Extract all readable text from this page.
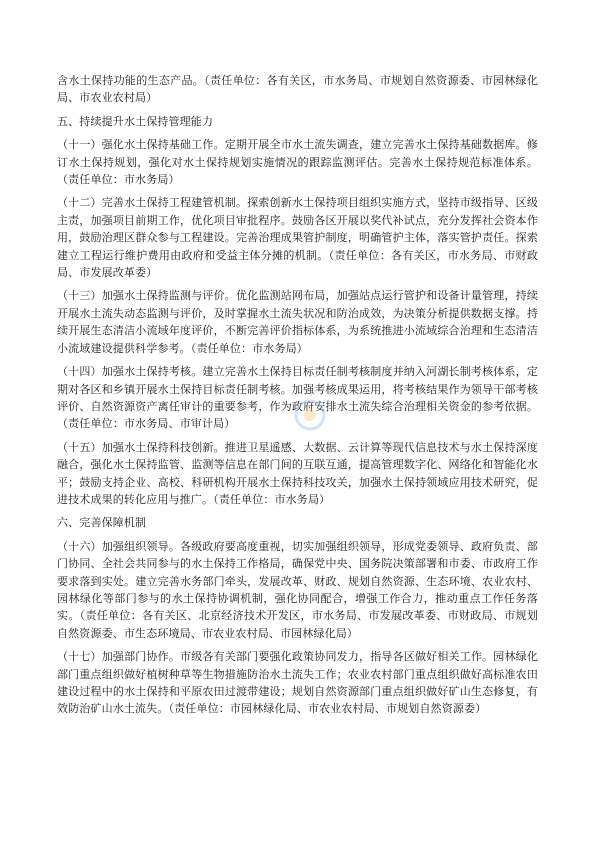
含水土保持功能的生态产品。（责任单位：各有关区，市水务局、市规划自然资源委、市园林绿化局、市农业农村局）

五、持续提升水土保持管理能力

（十一）强化水土保持基础工作。定期开展全市水土流失调查，建立完善水土保持基础数据库。修订水土保持规划，强化对水土保持规划实施情况的跟踪监测评估。完善水土保持规范标准体系。（责任单位：市水务局）

（十二）完善水土保持工程建管机制。探索创新水土保持项目组织实施方式，坚持市级指导、区级主责，加强项目前期工作，优化项目审批程序。鼓励各区开展以奖代补试点，充分发挥社会资本作用，鼓励治理区群众参与工程建设。完善治理成果管护制度，明确管护主体，落实管护责任。探索建立工程运行维护费用由政府和受益主体分摊的机制。（责任单位：各有关区，市水务局、市财政局、市发展改革委）

（十三）加强水土保持监测与评价。优化监测站网布局，加强站点运行管护和设备计量管理，持续开展水土流失动态监测与评价，及时掌握水土流失状况和防治成效，为决策分析提供数据支撑。持续开展生态清洁小流域年度评价，不断完善评价指标体系，为系统推进小流域综合治理和生态清洁小流域建设提供科学参考。（责任单位：市水务局）

（十四）加强水土保持考核。建立完善水土保持目标责任制考核制度并纳入河湖长制考核体系，定期对各区和乡镇开展水土保持目标责任制考核。加强考核成果运用，将考核结果作为领导干部考核评价、自然资源资产离任审计的重要参考，作为政府安排水土流失综合治理相关资金的参考依据。（责任单位：市水务局、市审计局）

（十五）加强水土保持科技创新。推进卫星遥感、大数据、云计算等现代信息技术与水土保持深度融合，强化水土保持监管、监测等信息在部门间的互联互通，提高管理数字化、网络化和智能化水平；鼓励支持企业、高校、科研机构开展水土保持科技攻关，加强水土保持领域应用技术研究，促进技术成果的转化应用与推广。（责任单位：市水务局）

六、完善保障机制

（十六）加强组织领导。各级政府要高度重视，切实加强组织领导，形成党委领导、政府负责、部门协同、全社会共同参与的水土保持工作格局，确保党中央、国务院决策部署和市委、市政府工作要求落到实处。建立完善水务部门牵头，发展改革、财政、规划自然资源、生态环境、农业农村、园林绿化等部门参与的水土保持协调机制，强化协同配合，增强工作合力，推动重点工作任务落实。（责任单位：各有关区、北京经济技术开发区，市水务局、市发展改革委、市财政局、市规划自然资源委、市生态环境局、市农业农村局、市园林绿化局）

（十七）加强部门协作。市级各有关部门要强化政策协同发力，指导各区做好相关工作。园林绿化部门重点组织做好植树种草等生物措施防治水土流失工作；农业农村部门重点组织做好高标准农田建设过程中的水土保持和平原农田过渡带建设；规划自然资源部门重点组织做好矿山生态修复，有效防治矿山水土流失。（责任单位：市园林绿化局、市农业农村局、市规划自然资源委）
